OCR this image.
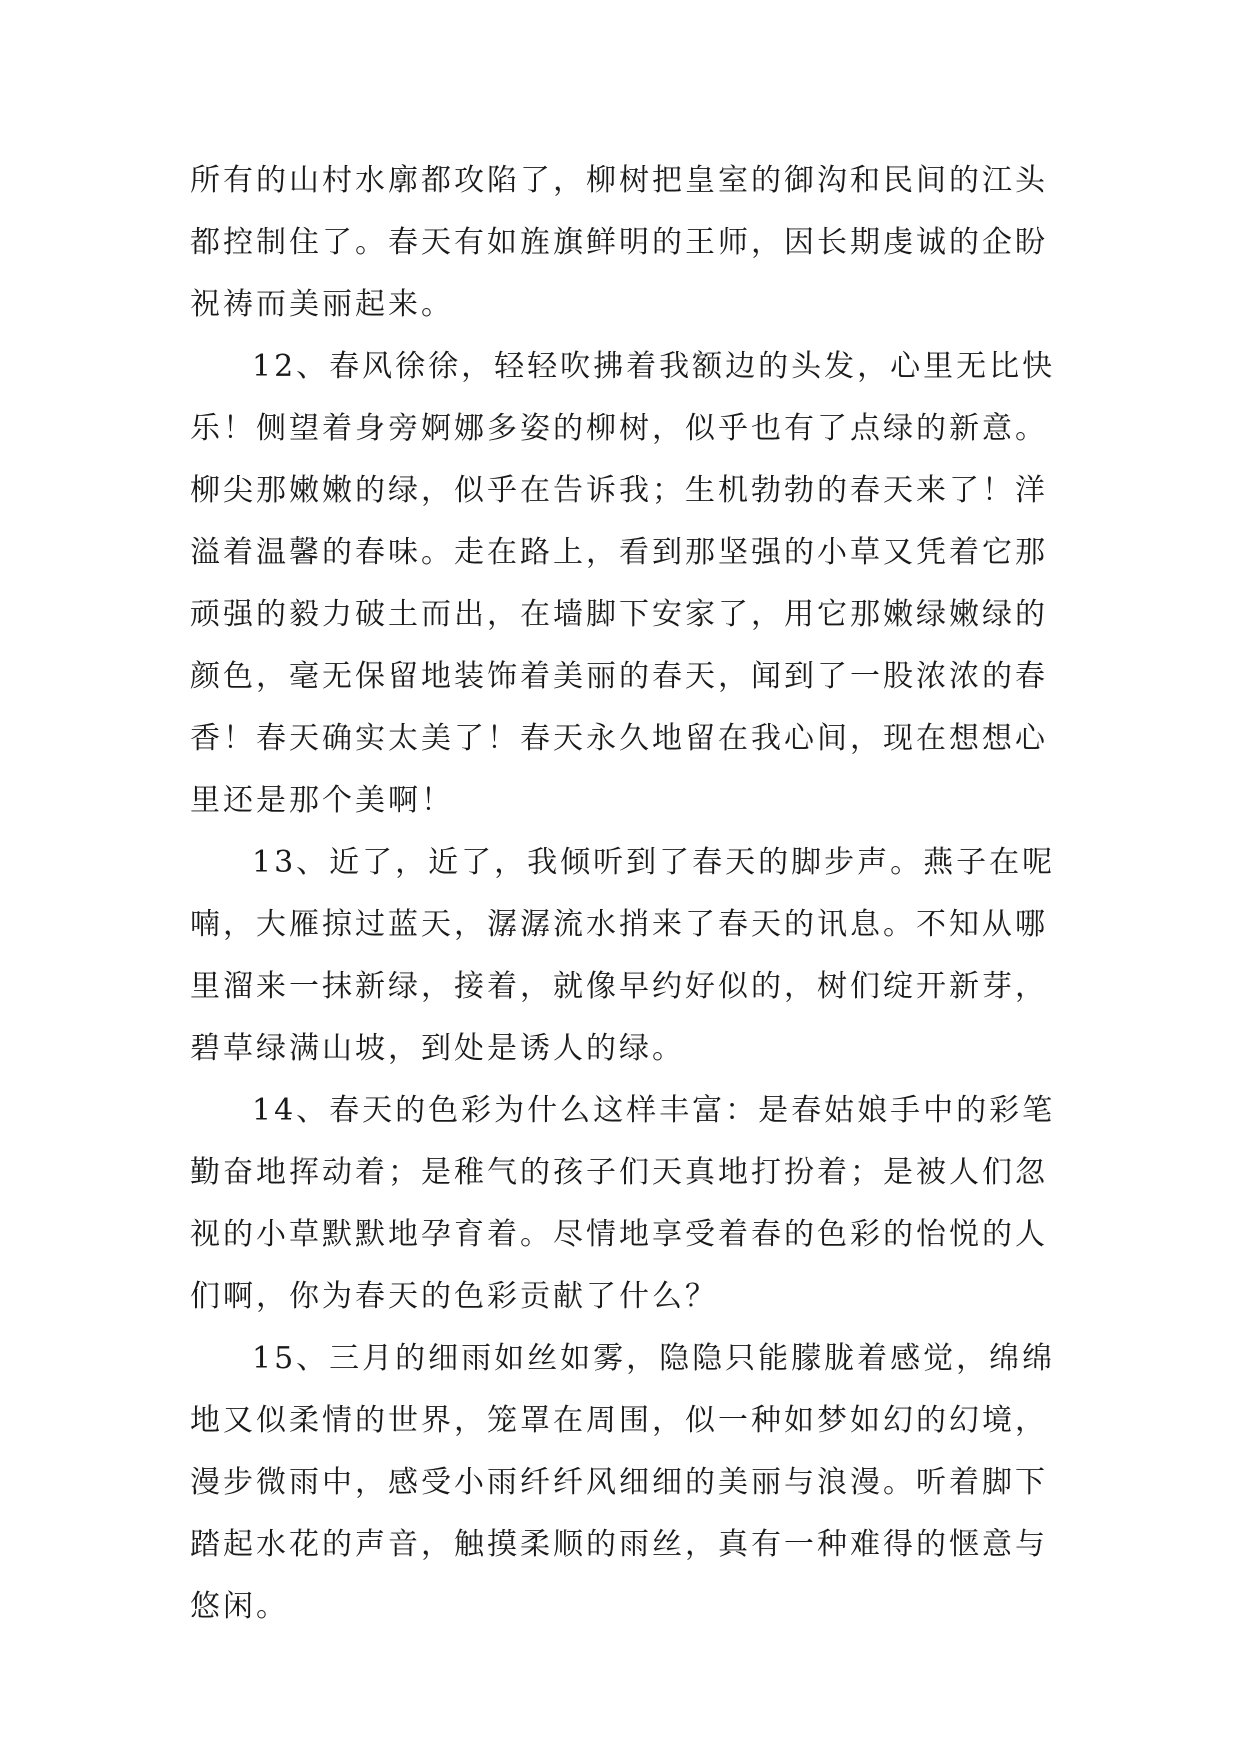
所有的山村水廓都攻陷了，柳树把皇室的御沟和民间的江头
都控制住了。春天有如旌旗鲜明的王师，因长期虔诚的企盼
祝祷而美丽起来。
12、春风徐徐，轻轻吹拂着我额边的头发，心里无比快
乐！侧望着身旁婀娜多姿的柳树，似乎也有了点绿的新意。
柳尖那嫩嫩的绿，似乎在告诉我；生机勃勃的春天来了！洋
溢着温馨的春味。走在路上，看到那坚强的小草又凭着它那
顽强的毅力破土而出，在墙脚下安家了，用它那嫩绿嫩绿的
颜色，毫无保留地装饰着美丽的春天，闻到了一股浓浓的春
香！春天确实太美了！春天永久地留在我心间，现在想想心
里还是那个美啊！
13、近了，近了，我倾听到了春天的脚步声。燕子在呢
喃，大雁掠过蓝天，潺潺流水捎来了春天的讯息。不知从哪
里溜来一抹新绿，接着，就像早约好似的，树们绽开新芽，
碧草绿满山坡，到处是诱人的绿。
14、春天的色彩为什么这样丰富：是春姑娘手中的彩笔
勤奋地挥动着；是稚气的孩子们天真地打扮着；是被人们忽
视的小草默默地孕育着。尽情地享受着春的色彩的怡悦的人
们啊，你为春天的色彩贡献了什么？
15、三月的细雨如丝如雾，隐隐只能朦胧着感觉，绵绵
地又似柔情的世界，笼罩在周围，似一种如梦如幻的幻境，
漫步微雨中，感受小雨纤纤风细细的美丽与浪漫。听着脚下
踏起水花的声音，触摸柔顺的雨丝，真有一种难得的惬意与
悠闲。
